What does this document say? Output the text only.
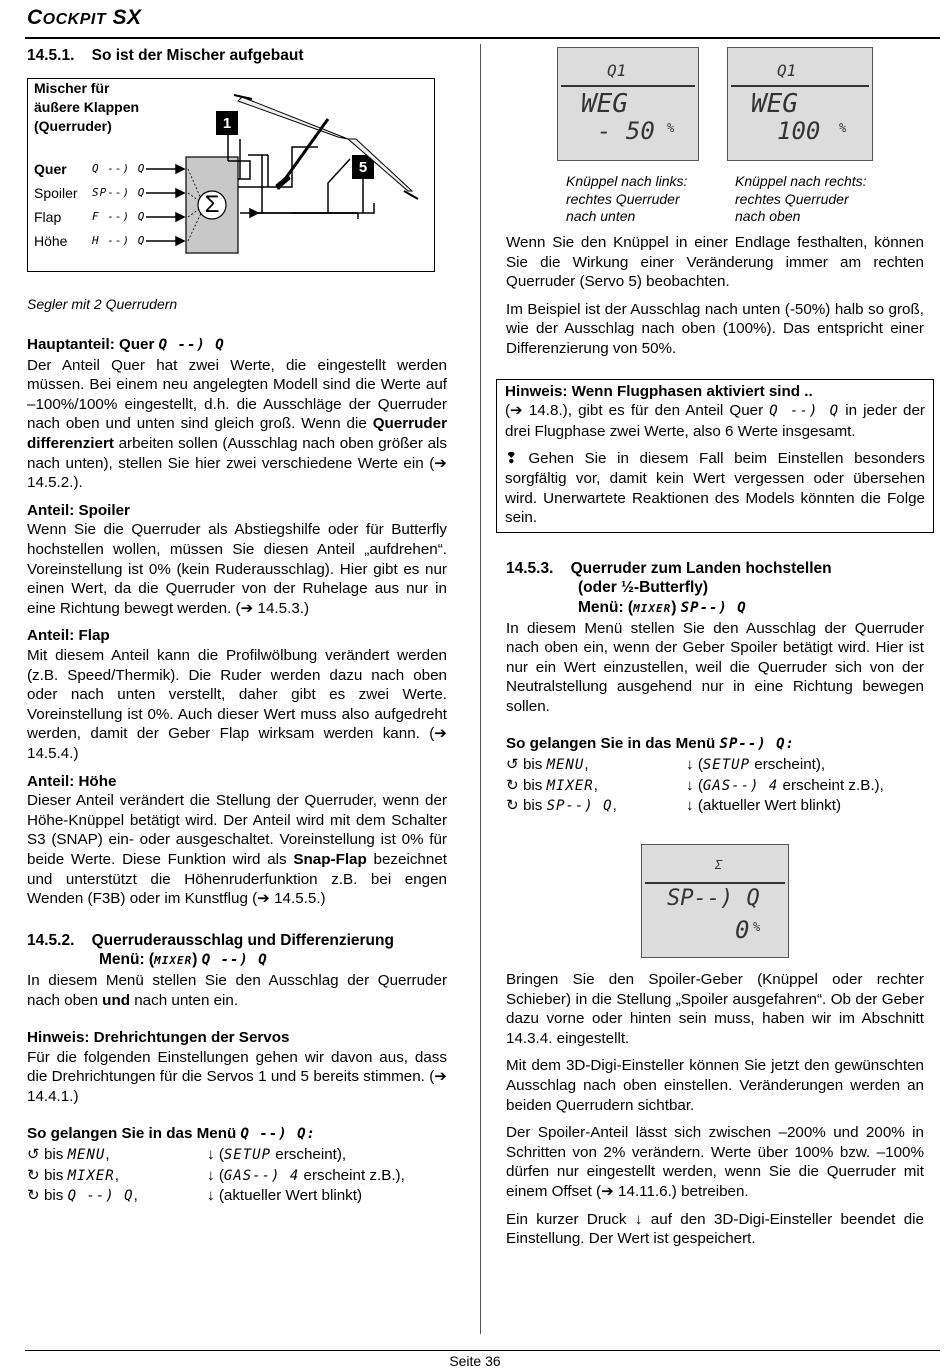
COCKPIT SX
14.5.1.    So ist der Mischer aufgebaut
Mischer für
äußere Klappen
(Querruder)
Quer
Spoiler
Flap
Höhe
Q --) Q
SP--) Q
F --) Q
H --) Q
1
5
Σ
Segler mit 2 Querrudern
Hauptanteil: Quer Q --) Q

Der Anteil Quer hat zwei Werte, die eingestellt werden müssen. Bei einem neu angelegten Modell sind die Werte auf –100%/100% eingestellt, d.h. die Ausschläge der Querruder nach oben und unten sind gleich groß. Wenn die Querruder differenziert arbeiten sollen (Ausschlag nach oben größer als nach unten), stellen Sie hier zwei verschiedene Werte ein (➔ 14.5.2.).

Anteil: Spoiler

Wenn Sie die Querruder als Abstiegshilfe oder für Butterfly hochstellen wollen, müssen Sie diesen Anteil „aufdrehen“. Voreinstellung ist 0% (kein Ruderausschlag). Hier gibt es nur einen Wert, da die Querruder von der Ruhelage aus nur in eine Richtung bewegt werden. (➔ 14.5.3.)

Anteil: Flap

Mit diesem Anteil kann die Profilwölbung verändert werden (z.B. Speed/Thermik). Die Ruder werden dazu nach oben oder nach unten verstellt, daher gibt es zwei Werte. Voreinstellung ist 0%. Auch dieser Wert muss also aufgedreht werden, damit der Geber Flap wirksam werden kann. (➔ 14.5.4.)

Anteil: Höhe

Dieser Anteil verändert die Stellung der Querruder, wenn der Höhe-Knüppel betätigt wird. Der Anteil wird mit dem Schalter S3 (SNAP) ein- oder ausgeschaltet. Voreinstellung ist 0% für beide Werte. Diese Funktion wird als Snap-Flap bezeichnet und unterstützt die Höhenruderfunktion z.B. bei engen Wenden (F3B) oder im Kunstflug (➔ 14.5.5.)

14.5.2.    Querruderausschlag und Differenzierung
Menü: (MIXER) Q --) Q

In diesem Menü stellen Sie den Ausschlag der Querruder nach oben und nach unten ein.

Hinweis: Drehrichtungen der Servos

Für die folgenden Einstellungen gehen wir davon aus, dass die Drehrichtungen für die Servos 1 und 5 bereits stimmen. (➔ 14.4.1.)

So gelangen Sie in das Menü Q --) Q:
↺ bis MENU,	↓ (SETUP erscheint),
↻ bis MIXER,	↓ (GAS--) 4 erscheint z.B.),
↻ bis Q --) Q,	↓ (aktueller Wert blinkt)
Q1
WEG
- 50 %
Q1
WEG
100 %
Knüppel nach links:
rechtes Querruder
nach unten
Knüppel nach rechts:
rechtes Querruder
nach oben

Wenn Sie den Knüppel in einer Endlage festhalten, können Sie die Wirkung einer Veränderung immer am rechten Querruder (Servo 5) beobachten.

Im Beispiel ist der Ausschlag nach unten (-50%) halb so groß, wie der Ausschlag nach oben (100%). Das entspricht einer Differenzierung von 50%.

Hinweis: Wenn Flugphasen aktiviert sind ..

(➔ 14.8.), gibt es für den Anteil Quer Q --) Q in jeder der drei Flugphase zwei Werte, also 6 Werte insgesamt.

❢ Gehen Sie in diesem Fall beim Einstellen besonders sorgfältig vor, damit kein Wert vergessen oder übersehen wird. Unerwartete Reaktionen des Models könnten die Folge sein.

14.5.3.    Querruder zum Landen hochstellen
(oder ½-Butterfly)
Menü: (MIXER) SP--) Q

In diesem Menü stellen Sie den Ausschlag der Querruder nach oben ein, wenn der Geber Spoiler betätigt wird. Hier ist nur ein Wert einzustellen, weil die Querruder sich von der Neutralstellung ausgehend nur in eine Richtung bewegen sollen.

So gelangen Sie in das Menü SP--) Q:
↺ bis MENU,	↓ (SETUP erscheint),
↻ bis MIXER,	↓ (GAS--) 4 erscheint z.B.),
↻ bis SP--) Q,	↓ (aktueller Wert blinkt)
Σ
SP--) Q
0 %

Bringen Sie den Spoiler-Geber (Knüppel oder rechter Schieber) in die Stellung „Spoiler ausgefahren“. Ob der Geber dazu vorne oder hinten sein muss, haben wir im Abschnitt 14.3.4. eingestellt.

Mit dem 3D-Digi-Einsteller können Sie jetzt den gewünschten Ausschlag nach oben einstellen. Veränderungen werden an beiden Querrudern sichtbar.

Der Spoiler-Anteil lässt sich zwischen –200% und 200% in Schritten von 2% verändern. Werte über 100% bzw. –100% dürfen nur eingestellt werden, wenn Sie die Querruder mit einem Offset (➔ 14.11.6.) betreiben.

Ein kurzer Druck ↓ auf den 3D-Digi-Einsteller beendet die Einstellung. Der Wert ist gespeichert.

Seite 36
